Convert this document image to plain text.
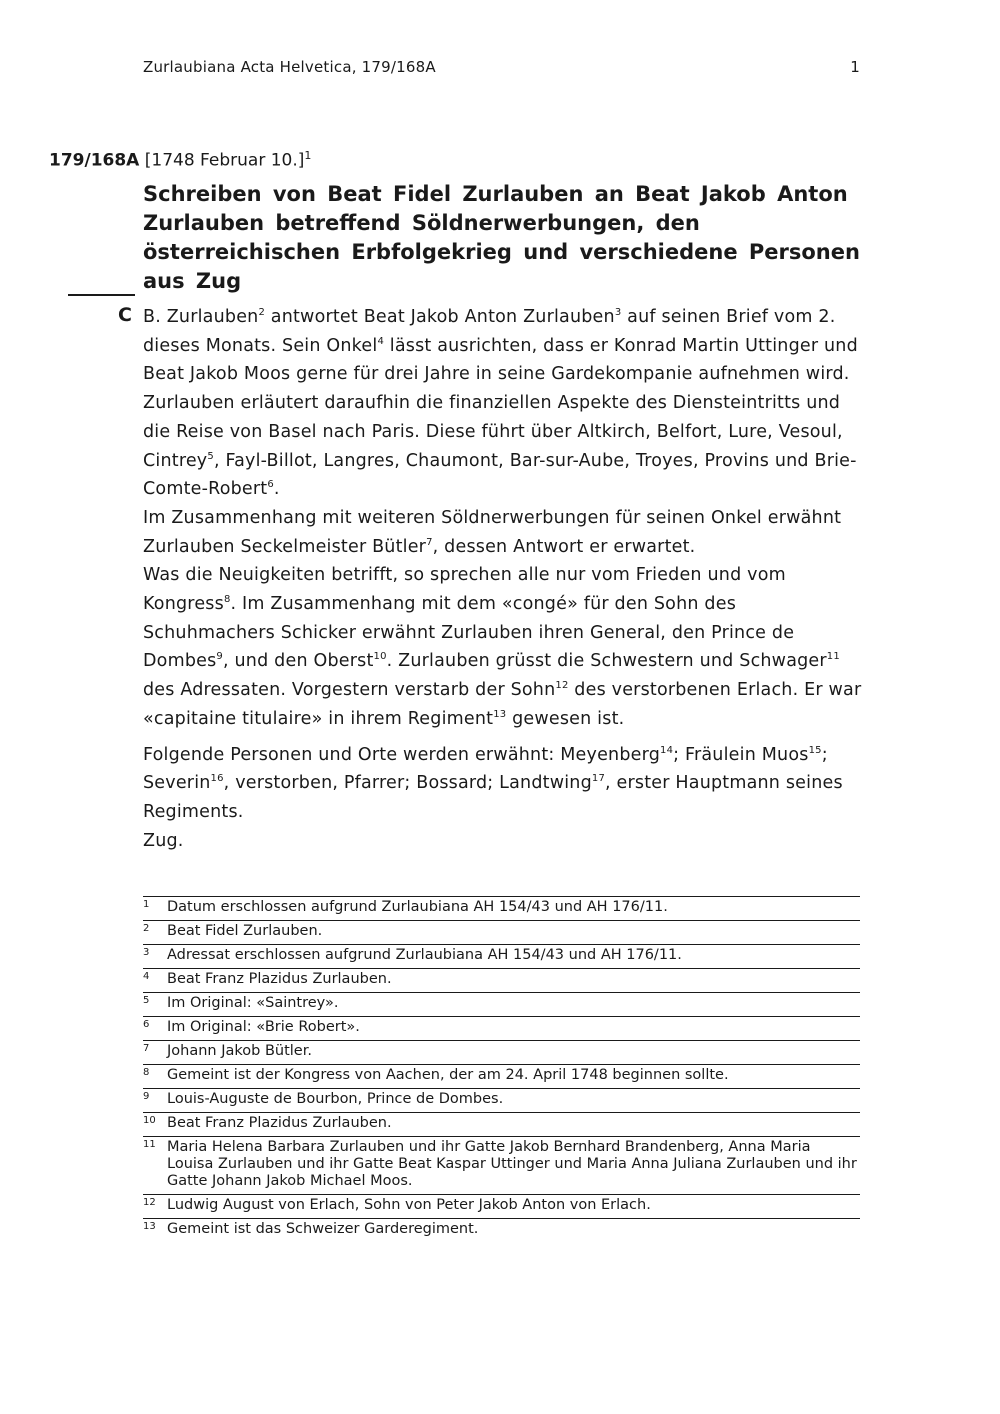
Zurlaubiana Acta Helvetica, 179/168A	1
179/168A [1748 Februar 10.]$^1$
Schreiben von Beat Fidel Zurlauben an Beat Jakob Anton Zurlauben betreffend Söldnerwerbungen, den österreichischen Erbfolgekrieg und verschiedene Personen aus Zug
C B. Zurlauben$^2$ antwortet Beat Jakob Anton Zurlauben$^3$ auf seinen Brief vom 2. dieses Monats. Sein Onkel$^4$ lässt ausrichten, dass er Konrad Martin Uttinger und Beat Jakob Moos gerne für drei Jahre in seine Gardekompanie aufnehmen wird. Zurlauben erläutert daraufhin die finanziellen Aspekte des Diensteintritts und die Reise von Basel nach Paris. Diese führt über Altkirch, Belfort, Lure, Vesoul, Cintrey$^5$, Fayl-Billot, Langres, Chaumont, Bar-sur-Aube, Troyes, Provins und Brie-Comte-Robert$^6$.

Im Zusammenhang mit weiteren Söldnerwerbungen für seinen Onkel erwähnt Zurlauben Seckelmeister Bütler$^7$, dessen Antwort er erwartet.

Was die Neuigkeiten betrifft, so sprechen alle nur vom Frieden und vom Kongress$^8$. Im Zusammenhang mit dem «congé» für den Sohn des Schuhmachers Schicker erwähnt Zurlauben ihren General, den Prince de Dombes$^9$, und den Oberst$^{10}$. Zurlauben grüsst die Schwestern und Schwager$^{11}$ des Adressaten. Vorgestern verstarb der Sohn$^{12}$ des verstorbenen Erlach. Er war «capitaine titulaire» in ihrem Regiment$^{13}$ gewesen ist.

Folgende Personen und Orte werden erwähnt: Meyenberg$^{14}$; Fräulein Muos$^{15}$; Severin$^{16}$, verstorben, Pfarrer; Bossard; Landtwing$^{17}$, erster Hauptmann seines Regiments.

Zug.

1	Datum erschlossen aufgrund Zurlaubiana AH 154/43 und AH 176/11.
2	Beat Fidel Zurlauben.
3	Adressat erschlossen aufgrund Zurlaubiana AH 154/43 und AH 176/11.
4	Beat Franz Plazidus Zurlauben.
5	Im Original: «Saintrey».
6	Im Original: «Brie Robert».
7	Johann Jakob Bütler.
8	Gemeint ist der Kongress von Aachen, der am 24. April 1748 beginnen sollte.
9	Louis-Auguste de Bourbon, Prince de Dombes.
10 Beat Franz Plazidus Zurlauben.
11 Maria Helena Barbara Zurlauben und ihr Gatte Jakob Bernhard Brandenberg, Anna Maria Louisa Zurlauben und ihr Gatte Beat Kaspar Uttinger und Maria Anna Juliana Zurlauben und ihr Gatte Johann Jakob Michael Moos.
12 Ludwig August von Erlach, Sohn von Peter Jakob Anton von Erlach.
13 Gemeint ist das Schweizer Garderegiment.
